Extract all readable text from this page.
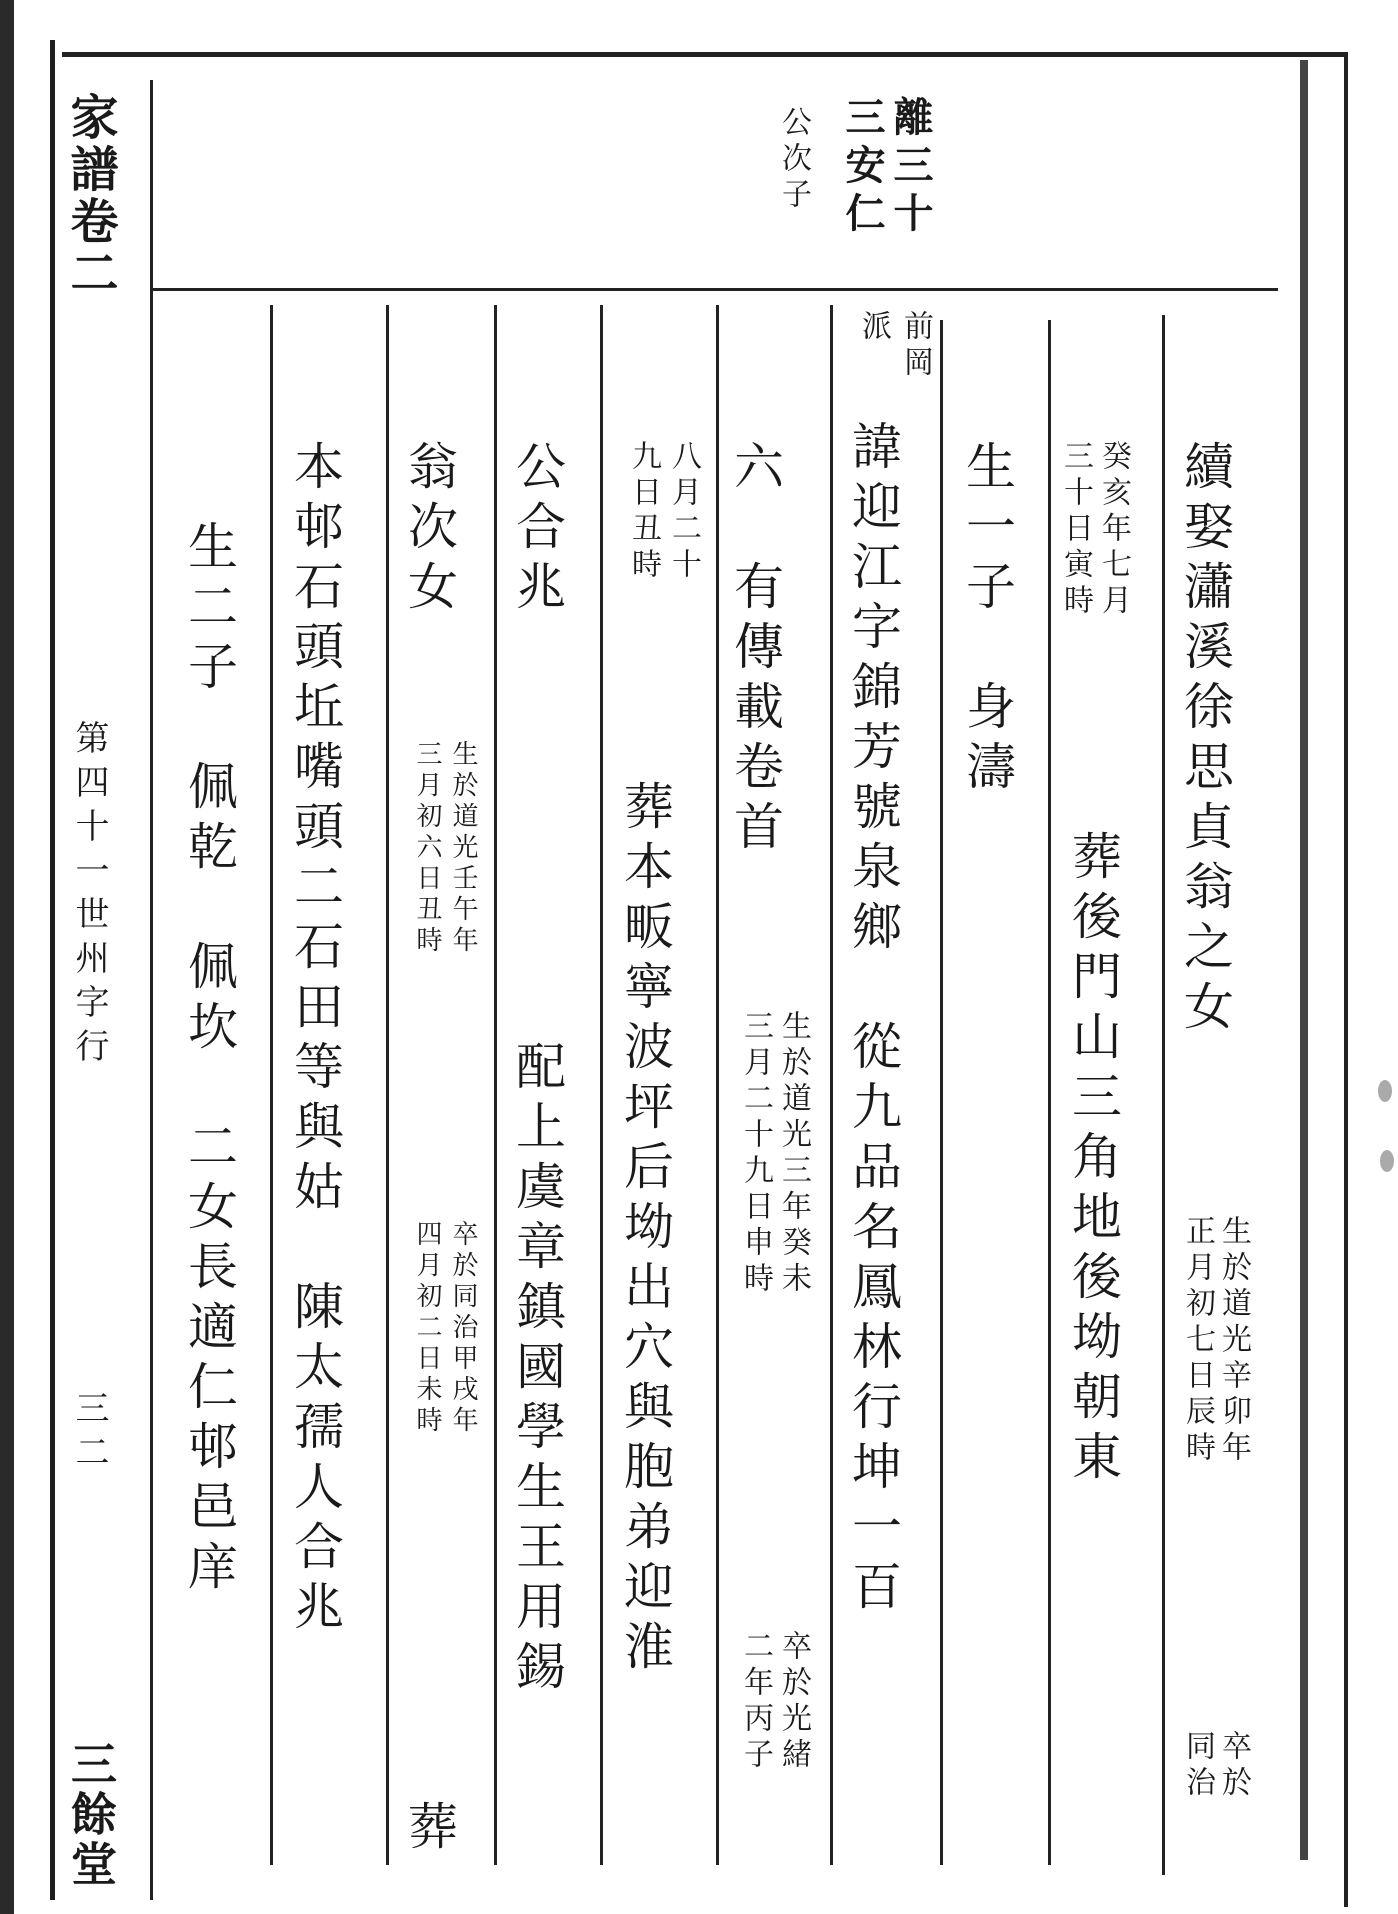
家譜卷二
第四十一世州字行
三二
三餘堂
離三十
三安仁
公次子
續娶瀟溪徐思貞翁之女
生於道光辛卯年
正月初七日辰時
卒於
同治
癸亥年七月
三十日寅時
葬後門山三角地後坳朝東
生一子　身濤
前岡
派
諱迎江字錦芳號泉鄉　從九品名鳳林行坤一百
六　有傳載卷首
生於道光三年癸未
三月二十九日申時
卒於光緒
二年丙子
八月二十
九日丑時
葬本畈寧波坪后坳出穴與胞弟迎淮
公合兆
配上虞章鎮國學生王用錫
翁次女
生於道光壬午年
三月初六日丑時
卒於同治甲戌年
四月初二日未時
葬
本邨石頭坵嘴頭二石田等與姑　陳太孺人合兆
生二子　佩乾　佩坎　二女長適仁邨邑庠
